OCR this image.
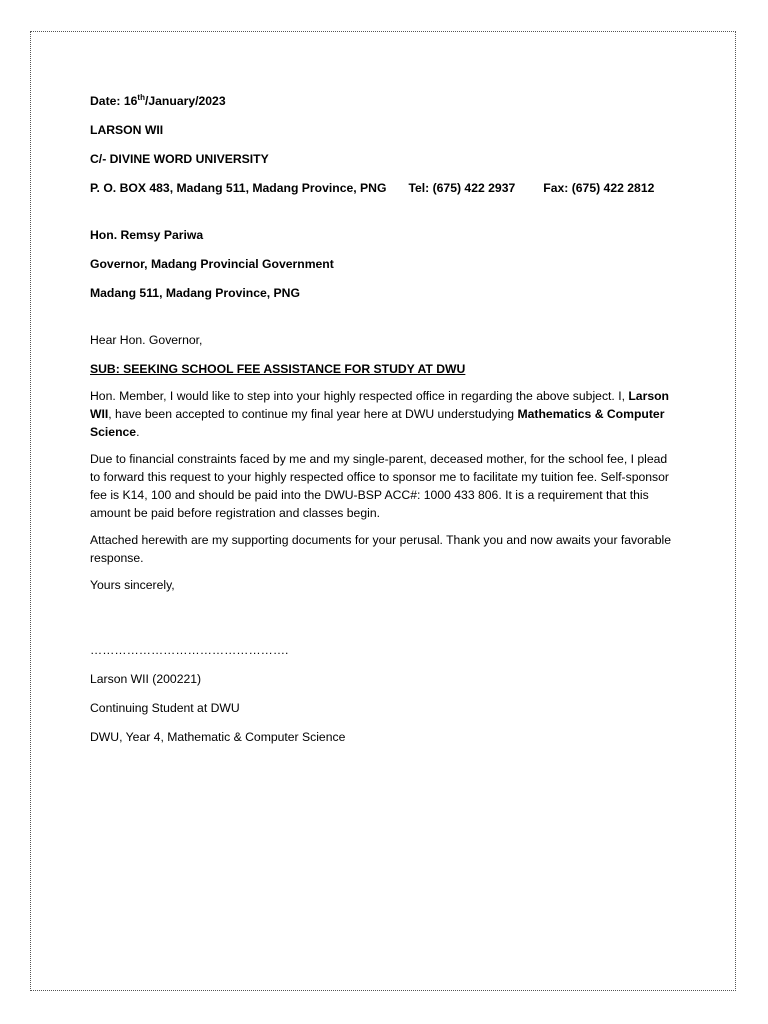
Date: 16th/January/2023
LARSON WII
C/- DIVINE WORD UNIVERSITY
P. O. BOX 483, Madang 511, Madang Province, PNG Tel: (675) 422 2937 Fax: (675) 422 2812
Hon. Remsy Pariwa
Governor, Madang Provincial Government
Madang 511, Madang Province, PNG
Hear Hon. Governor,
SUB: SEEKING SCHOOL FEE ASSISTANCE FOR STUDY AT DWU
Hon. Member, I would like to step into your highly respected office in regarding the above subject. I, Larson WII, have been accepted to continue my final year here at DWU understudying Mathematics & Computer Science.
Due to financial constraints faced by me and my single-parent, deceased mother, for the school fee, I plead to forward this request to your highly respected office to sponsor me to facilitate my tuition fee. Self-sponsor fee is K14, 100 and should be paid into the DWU-BSP ACC#: 1000 433 806. It is a requirement that this amount be paid before registration and classes begin.
Attached herewith are my supporting documents for your perusal. Thank you and now awaits your favorable response.
Yours sincerely,
………………………………………….
Larson WII (200221)
Continuing Student at DWU
DWU, Year 4, Mathematic & Computer Science
